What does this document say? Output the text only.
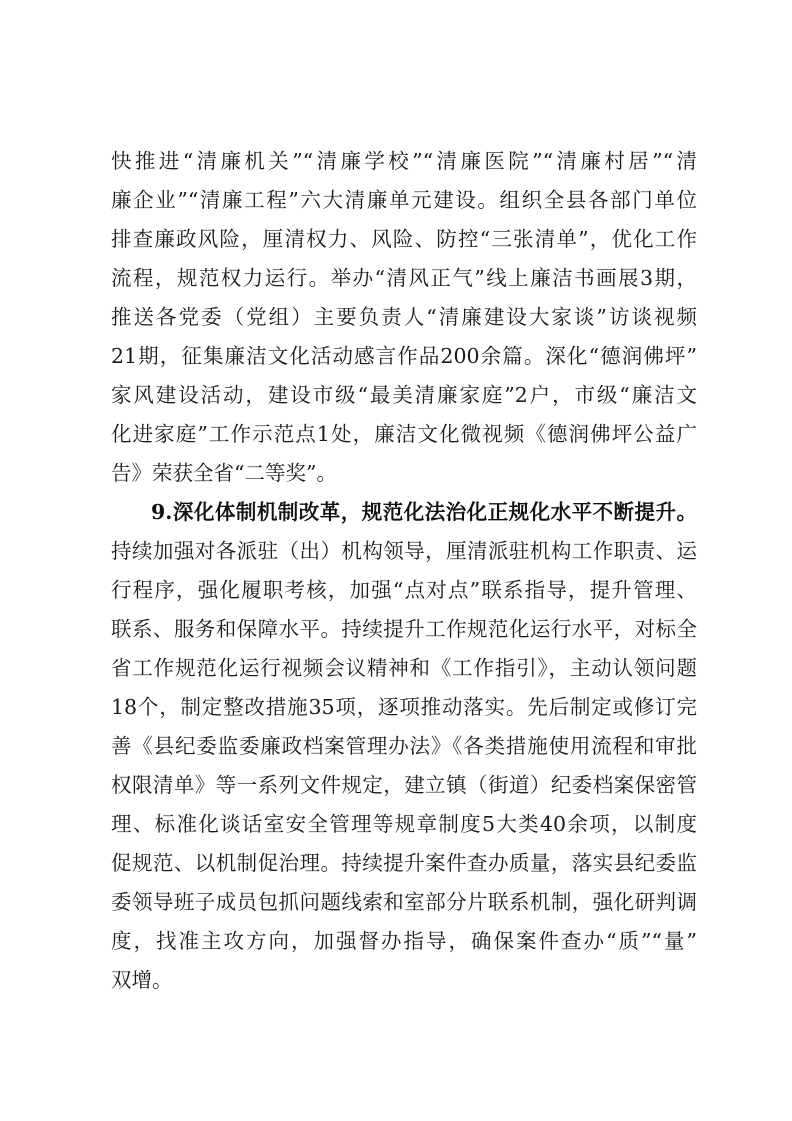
快推进“清廉机关”“清廉学校”“清廉医院”“清廉村居”“清
廉企业”“清廉工程”六大清廉单元建设。组织全县各部门单位
排查廉政风险，厘清权力、风险、防控“三张清单”，优化工作
流程，规范权力运行。举办“清风正气”线上廉洁书画展3期，
推送各党委（党组）主要负责人“清廉建设大家谈”访谈视频
21期，征集廉洁文化活动感言作品200余篇。深化“德润佛坪”
家风建设活动，建设市级“最美清廉家庭”2户，市级“廉洁文
化进家庭”工作示范点1处，廉洁文化微视频《德润佛坪公益广
告》荣获全省“二等奖”。
9.深化体制机制改革，规范化法治化正规化水平不断提升。
持续加强对各派驻（出）机构领导，厘清派驻机构工作职责、运
行程序，强化履职考核，加强“点对点”联系指导，提升管理、
联系、服务和保障水平。持续提升工作规范化运行水平，对标全
省工作规范化运行视频会议精神和《工作指引》，主动认领问题
18个，制定整改措施35项，逐项推动落实。先后制定或修订完
善《县纪委监委廉政档案管理办法》《各类措施使用流程和审批
权限清单》等一系列文件规定，建立镇（街道）纪委档案保密管
理、标准化谈话室安全管理等规章制度5大类40余项，以制度
促规范、以机制促治理。持续提升案件查办质量，落实县纪委监
委领导班子成员包抓问题线索和室部分片联系机制，强化研判调
度，找准主攻方向，加强督办指导，确保案件查办“质”“量”
双增。
